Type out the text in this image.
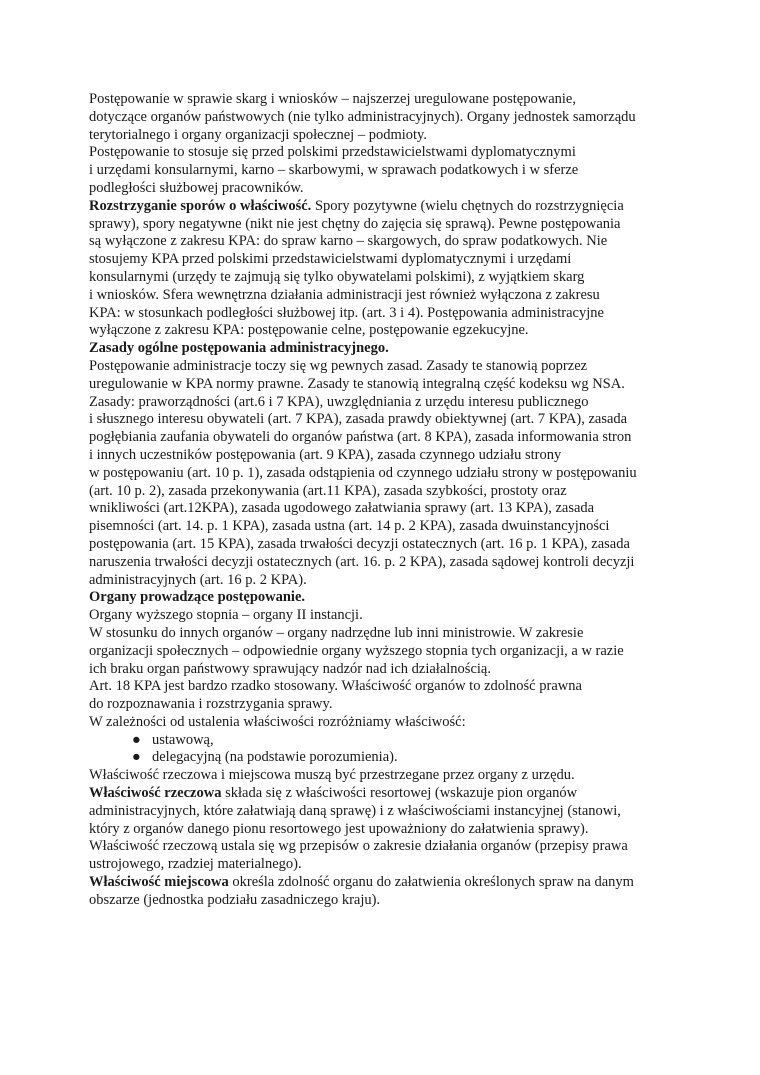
Postępowanie w sprawie skarg i wniosków – najszerzej uregulowane postępowanie,
dotyczące organów państwowych (nie tylko administracyjnych). Organy jednostek samorządu
terytorialnego i organy organizacji społecznej – podmioty.
Postępowanie to stosuje się przed polskimi przedstawicielstwami dyplomatycznymi
i urzędami konsularnymi, karno – skarbowymi, w sprawach podatkowych i w sferze
podległości służbowej pracowników.
Rozstrzyganie sporów o właściwość. Spory pozytywne (wielu chętnych do rozstrzygnięcia
sprawy), spory negatywne (nikt nie jest chętny do zajęcia się sprawą). Pewne postępowania
są wyłączone z zakresu KPA: do spraw karno – skargowych, do spraw podatkowych. Nie
stosujemy KPA przed polskimi przedstawicielstwami dyplomatycznymi i urzędami
konsularnymi (urzędy te zajmują się tylko obywatelami polskimi), z wyjątkiem skarg
i wniosków. Sfera wewnętrzna działania administracji jest również wyłączona z zakresu
KPA: w stosunkach podległości służbowej itp. (art. 3 i 4). Postępowania administracyjne
wyłączone z zakresu KPA: postępowanie celne, postępowanie egzekucyjne.
Zasady ogólne postępowania administracyjnego.
Postępowanie administracje toczy się wg pewnych zasad. Zasady te stanowią poprzez
uregulowanie w KPA normy prawne. Zasady te stanowią integralną część kodeksu wg NSA.
Zasady: praworządności (art.6 i 7 KPA), uwzględniania z urzędu interesu publicznego
i słusznego interesu obywateli (art. 7 KPA), zasada prawdy obiektywnej (art. 7 KPA), zasada
pogłębiania zaufania obywateli do organów państwa (art. 8 KPA), zasada informowania stron
i innych uczestników postępowania (art. 9 KPA), zasada czynnego udziału strony
w postępowaniu (art. 10 p. 1), zasada odstąpienia od czynnego udziału strony w postępowaniu
(art. 10 p. 2), zasada przekonywania (art.11 KPA), zasada szybkości, prostoty oraz
wnikliwości (art.12KPA), zasada ugodowego załatwiania sprawy (art. 13 KPA), zasada
pisemności (art. 14. p. 1 KPA), zasada ustna (art. 14 p. 2 KPA), zasada dwuinstancyjności
postępowania (art. 15 KPA), zasada trwałości decyzji ostatecznych (art. 16 p. 1 KPA), zasada
naruszenia trwałości decyzji ostatecznych (art. 16. p. 2 KPA), zasada sądowej kontroli decyzji
administracyjnych (art. 16 p. 2 KPA).
Organy prowadzące postępowanie.
Organy wyższego stopnia – organy II instancji.
W stosunku do innych organów – organy nadrzędne lub inni ministrowie. W zakresie
organizacji społecznych – odpowiednie organy wyższego stopnia tych organizacji, a w razie
ich braku organ państwowy sprawujący nadzór nad ich działalnością.
Art. 18 KPA jest bardzo rzadko stosowany. Właściwość organów to zdolność prawna
do rozpoznawania i rozstrzygania sprawy.
W zależności od ustalenia właściwości rozróżniamy właściwość:
● ustawową,
● delegacyjną (na podstawie porozumienia).
Właściwość rzeczowa i miejscowa muszą być przestrzegane przez organy z urzędu.
Właściwość rzeczowa składa się z właściwości resortowej (wskazuje pion organów
administracyjnych, które załatwiają daną sprawę) i z właściwościami instancyjnej (stanowi,
który z organów danego pionu resortowego jest upoważniony do załatwienia sprawy).
Właściwość rzeczową ustala się wg przepisów o zakresie działania organów (przepisy prawa
ustrojowego, rzadziej materialnego).
Właściwość miejscowa określa zdolność organu do załatwienia określonych spraw na danym
obszarze (jednostka podziału zasadniczego kraju).
